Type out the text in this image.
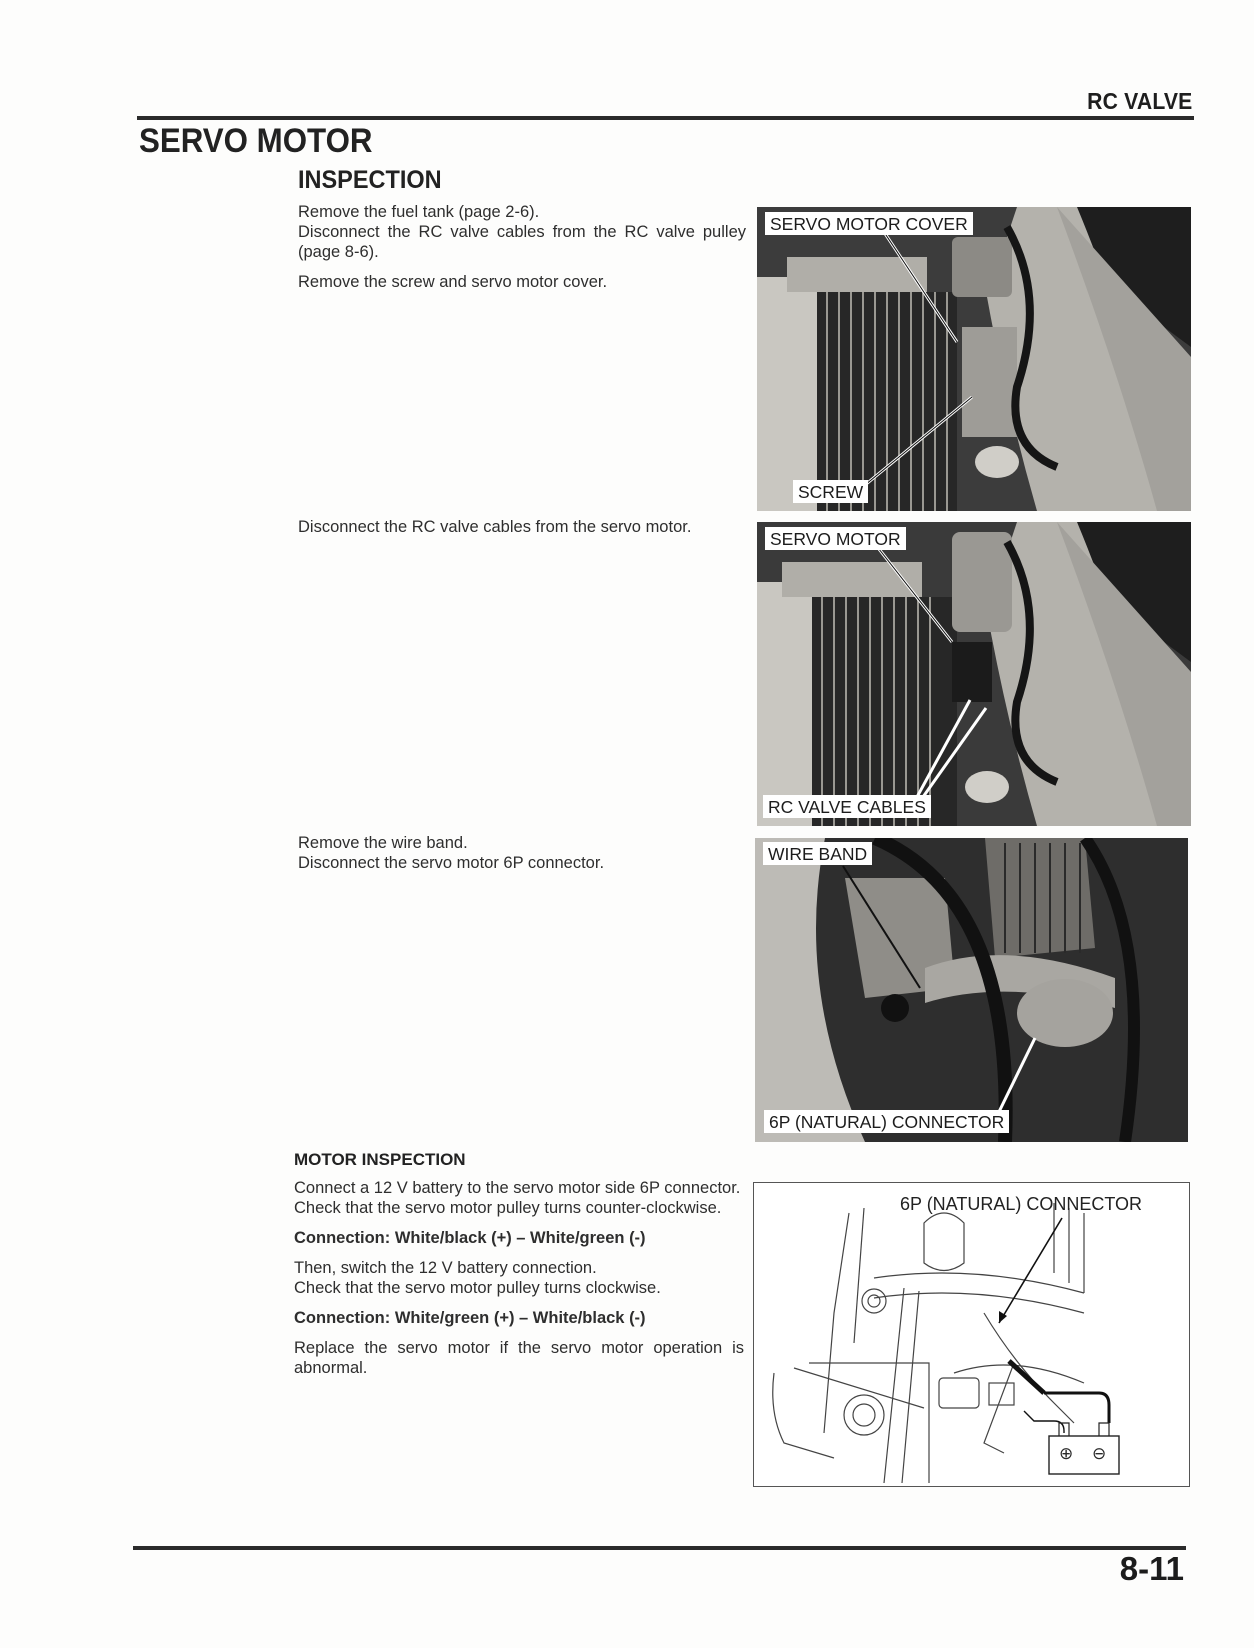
RC VALVE
SERVO MOTOR
INSPECTION

Remove the fuel tank (page 2-6).
Disconnect the RC valve cables from the RC valve pulley (page 8-6).

Remove the screw and servo motor cover.

Disconnect the RC valve cables from the servo motor.

Remove the wire band.
Disconnect the servo motor 6P connector.

MOTOR INSPECTION

Connect a 12 V battery to the servo motor side 6P connector.
Check that the servo motor pulley turns counter-clockwise.

Connection: White/black (+) – White/green (-)

Then, switch the 12 V battery connection.
Check that the servo motor pulley turns clockwise.

Connection: White/green (+) – White/black (-)

Replace the servo motor if the servo motor operation is abnormal.

SERVO MOTOR COVER
SCREW
SERVO MOTOR
RC VALVE CABLES
WIRE BAND
6P (NATURAL) CONNECTOR
6P (NATURAL) CONNECTOR
⊕ ⊖
8-11
